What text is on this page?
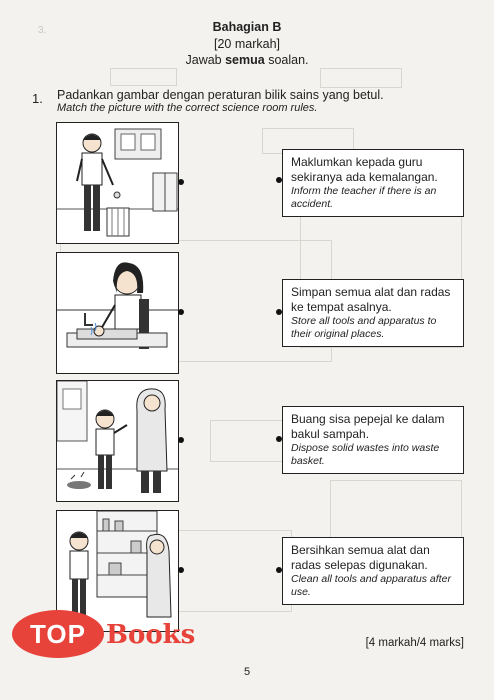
3.	Bahagian B
[20 markah]
Jawab semua soalan.
1. Padankan gambar dengan peraturan bilik sains yang betul.
Match the picture with the correct science room rules.
Maklumkan kepada guru sekiranya ada kemalangan.
Inform the teacher if there is an accident.
Simpan semua alat dan radas ke tempat asalnya.
Store all tools and apparatus to their original places.
Buang sisa pepejal ke dalam bakul sampah.
Dispose solid wastes into waste basket.
Bersihkan semua alat dan radas selepas digunakan.
Clean all tools and apparatus after use.
[4 markah/4 marks]
5
TOP Books
